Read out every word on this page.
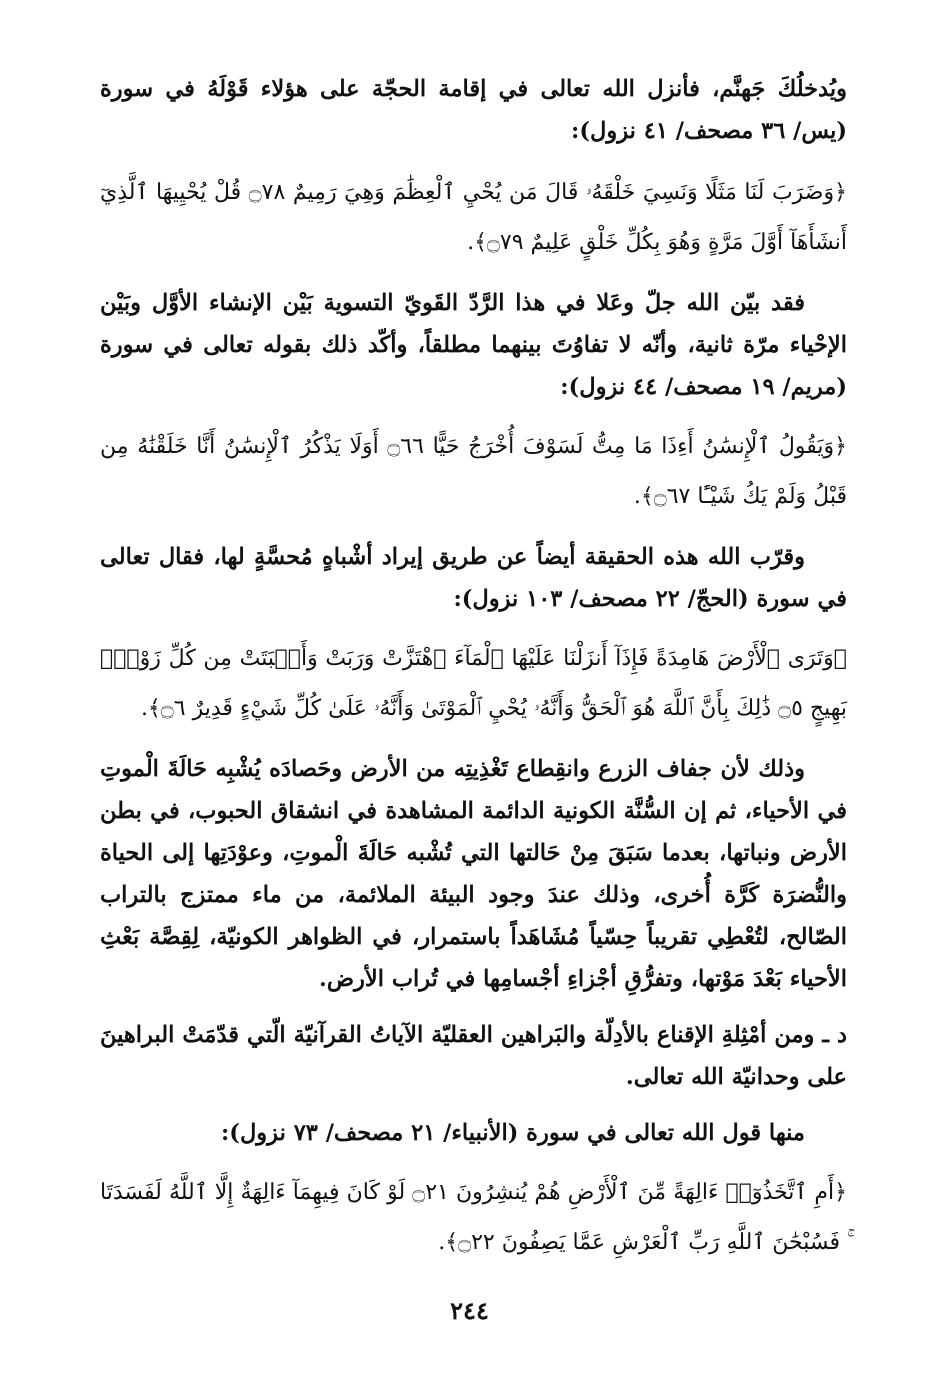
ويُدخلُكَ جَهنَّم، فأنزل الله تعالى في إقامة الحجّة على هؤلاء قَوْلَهُ في سورة (يس/ ٣٦ مصحف/ ٤١ نزول):

﴿وَضَرَبَ لَنَا مَثَلًا وَنَسِيَ خَلْقَهُۥ قَالَ مَن يُحْيِ ٱلْعِظَٰمَ وَهِيَ رَمِيمٌ ۝٧٨ قُلْ يُحْيِيهَا ٱلَّذِيٓ أَنشَأَهَآ أَوَّلَ مَرَّةٍ وَهُوَ بِكُلِّ خَلْقٍ عَلِيمٌ ۝٧٩﴾.

فقد بيّن الله جلّ وعَلا في هذا الرَّدّ القَويّ التسوية بَيْن الإنشاء الأوَّل وبَيْن الإحْياء مرّة ثانية، وأنّه لا تفاوُتَ بينهما مطلقاً، وأكّد ذلك بقوله تعالى في سورة (مريم/ ١٩ مصحف/ ٤٤ نزول):

﴿وَيَقُولُ ٱلْإِنسَٰنُ أَءِذَا مَا مِتُّ لَسَوْفَ أُخْرَجُ حَيًّا ۝٦٦ أَوَلَا يَذْكُرُ ٱلْإِنسَٰنُ أَنَّا خَلَقْنَٰهُ مِن قَبْلُ وَلَمْ يَكُ شَيْـًٔا ۝٦٧﴾.

وقرّب الله هذه الحقيقة أيضاً عن طريق إيراد أشْباهٍ مُحسَّةٍ لها، فقال تعالى في سورة (الحجّ/ ٢٢ مصحف/ ١٠٣ نزول):

﴿وَتَرَى ٱلْأَرْضَ هَامِدَةً فَإِذَآ أَنزَلْنَا عَلَيْهَا ٱلْمَآءَ ٱهْتَزَّتْ وَرَبَتْ وَأَنۢبَتَتْ مِن كُلِّ زَوْجٍۭ بَهِيجٍ ۝٥ ذَٰلِكَ بِأَنَّ ٱللَّهَ هُوَ ٱلْحَقُّ وَأَنَّهُۥ يُحْيِ ٱلْمَوْتَىٰ وَأَنَّهُۥ عَلَىٰ كُلِّ شَيْءٍ قَدِيرٌ ۝٦﴾.

وذلك لأن جفاف الزرع وانقِطاع تَغْذِيتِه من الأرض وحَصادَه يُشْبِه حَالَةَ الْموتِ في الأحياء، ثم إن السُّنَّة الكونية الدائمة المشاهدة في انشقاق الحبوب، في بطن الأرض ونباتها، بعدما سَبَقَ مِنْ حَالتها التي تُشْبه حَالَةَ الْموتِ، وعوْدَتِها إلى الحياة والنُّضرَة كَرَّة أُخرى، وذلك عندَ وجود البيئة الملائمة، من ماء ممتزج بالتراب الصّالح، لتُعْطِي تقريباً حِسّياً مُشَاهَداً باستمرار، في الظواهر الكونيّة، لِقِصَّة بَعْثِ الأحياء بَعْدَ مَوْتها، وتفرُّقِ أجْزاءِ أجْسامِها في تُراب الأرض.

د ـ ومن أمْثِلةِ الإقناع بالأدِلّة والبَراهين العقليّة الآياتُ القرآنيّة الّتي قدّمَتْ البراهينَ على وحدانيّة الله تعالى.

منها قول الله تعالى في سورة (الأنبياء/ ٢١ مصحف/ ٧٣ نزول):

﴿أَمِ ٱتَّخَذُوٓا۟ ءَالِهَةً مِّنَ ٱلْأَرْضِ هُمْ يُنشِرُونَ ۝٢١ لَوْ كَانَ فِيهِمَآ ءَالِهَةٌ إِلَّا ٱللَّهُ لَفَسَدَتَا ۚ فَسُبْحَٰنَ ٱللَّهِ رَبِّ ٱلْعَرْشِ عَمَّا يَصِفُونَ ۝٢٢﴾.

٢٤٤
